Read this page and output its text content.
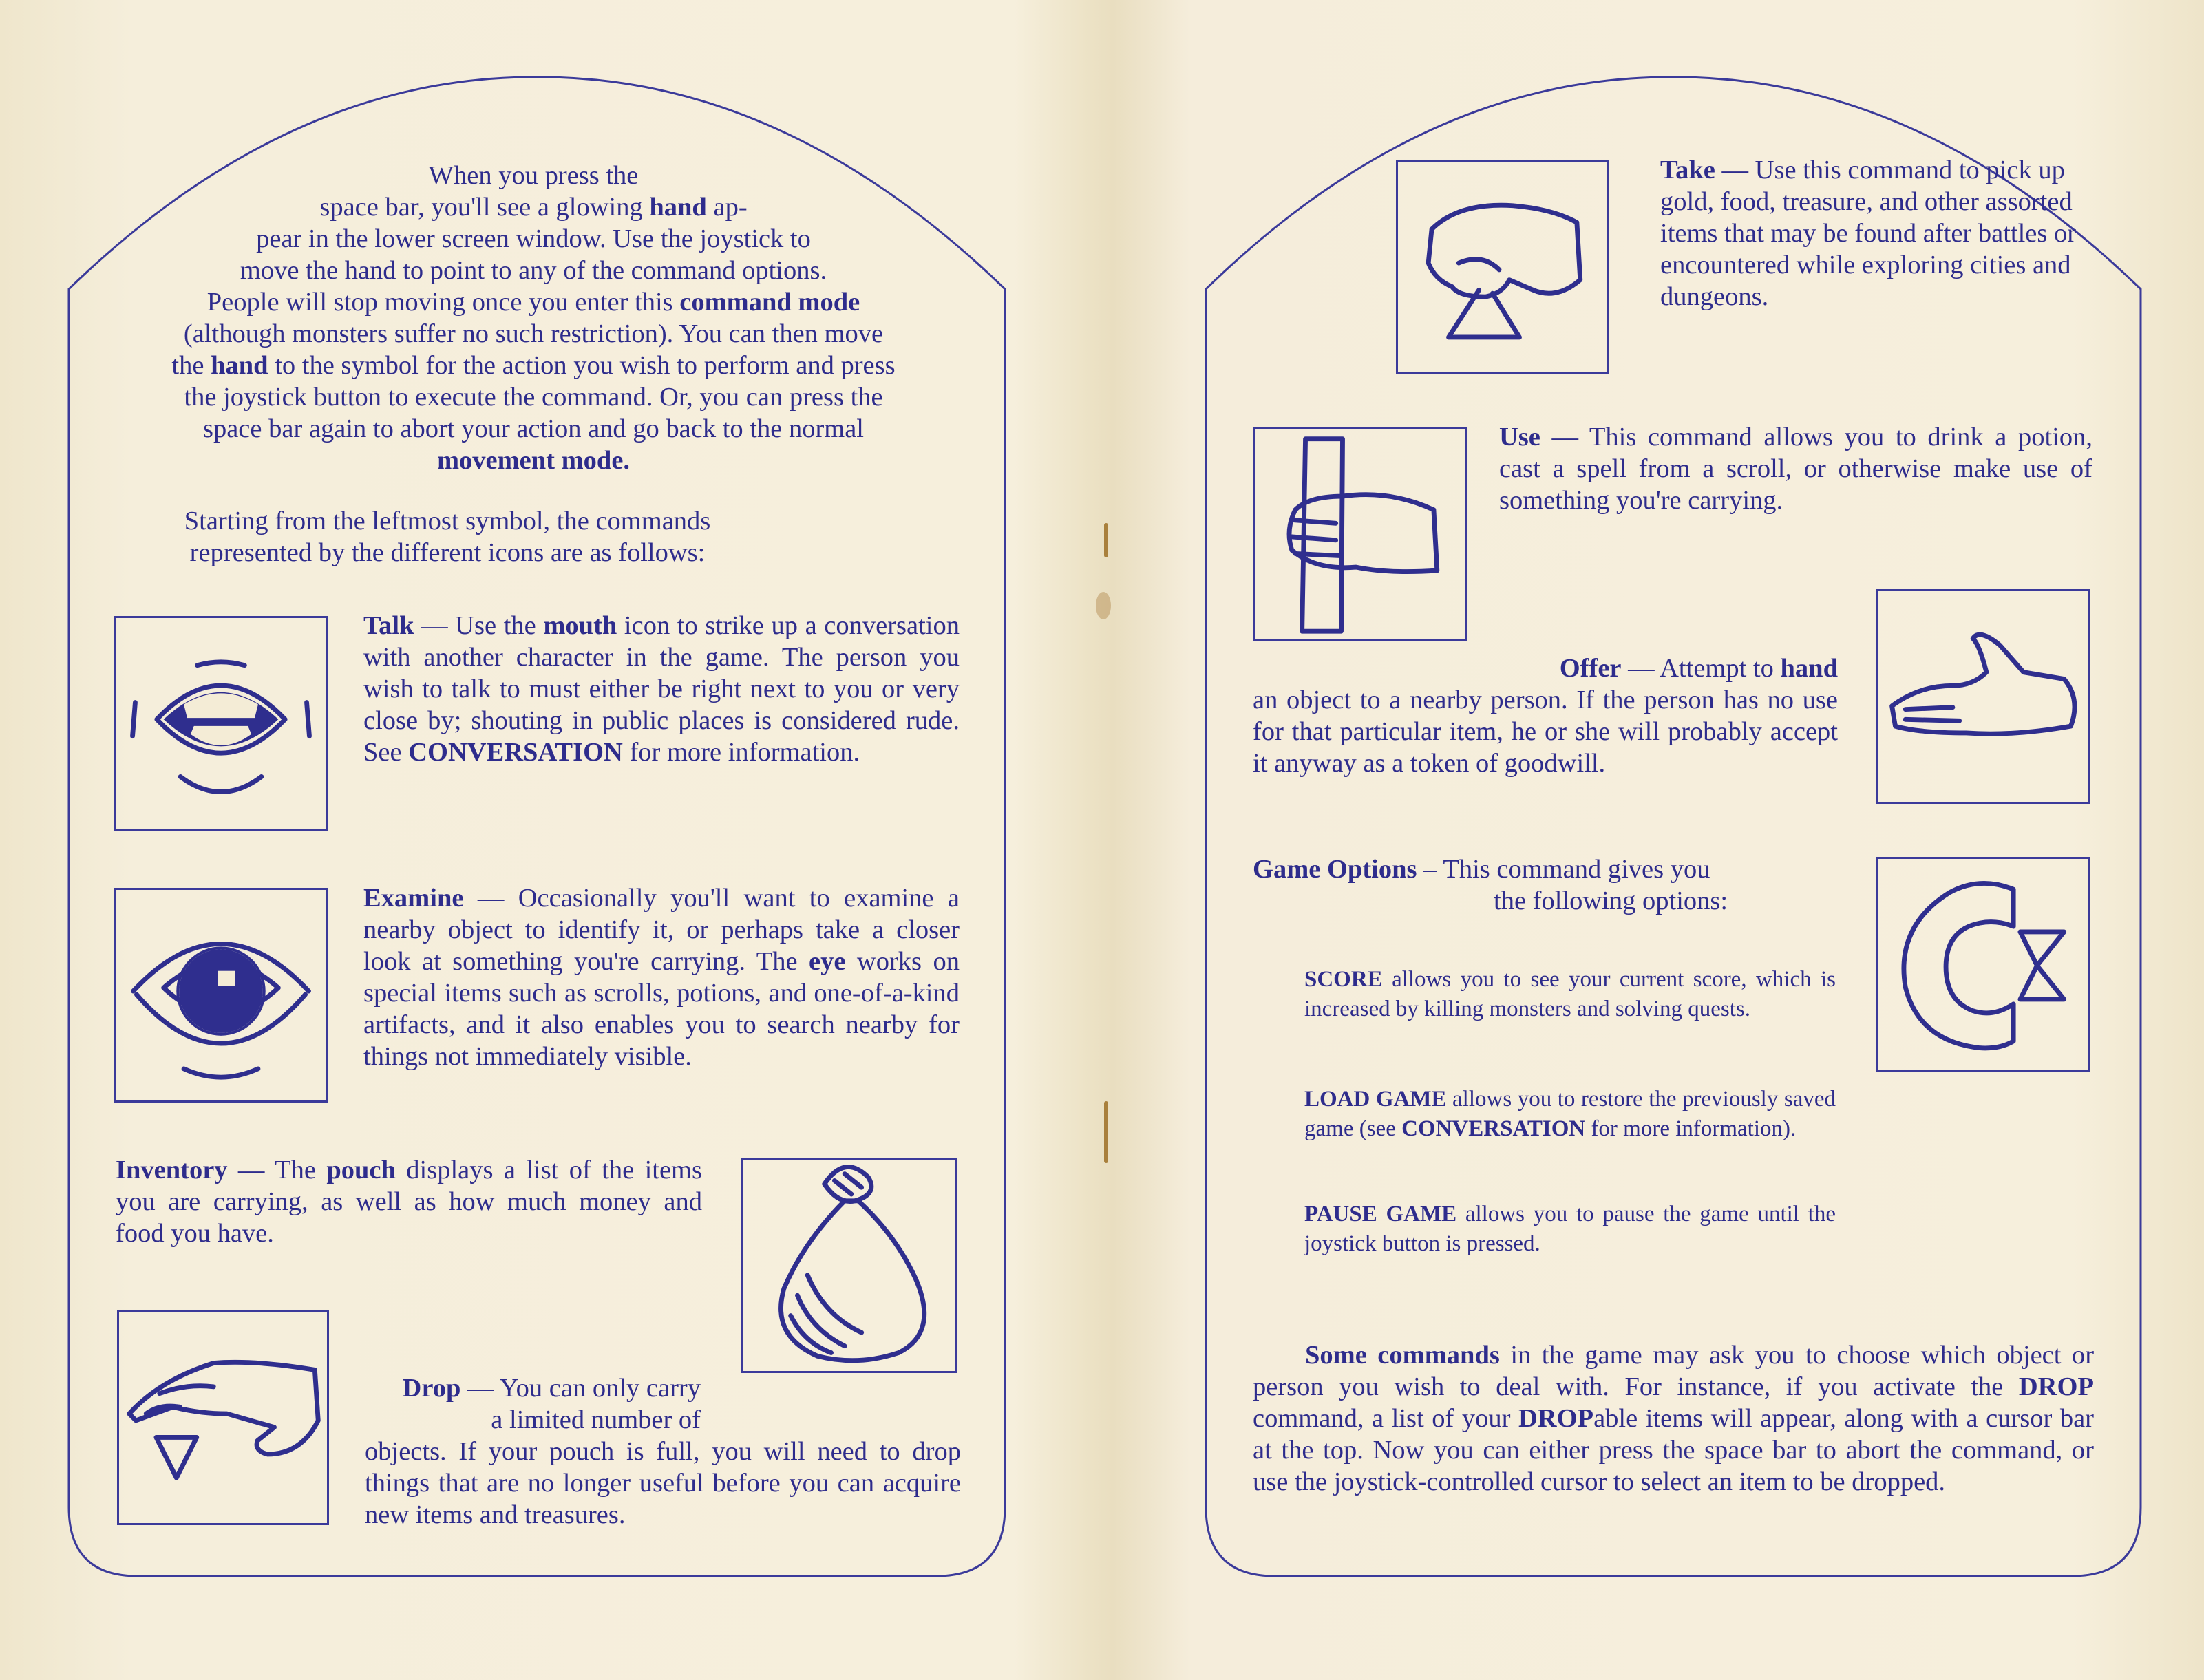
When you press the
space bar, you'll see a glowing hand ap-
pear in the lower screen window. Use the joystick to
move the hand to point to any of the command options.
People will stop moving once you enter this command mode
(although monsters suffer no such restriction). You can then move
the hand to the symbol for the action you wish to perform and press
the joystick button to execute the command. Or, you can press the
space bar again to abort your action and go back to the normal
movement mode.
Starting from the leftmost symbol, the commands
represented by the different icons are as follows:
Talk — Use the mouth icon to strike up a conversation with another character in the game. The person you wish to talk to must either be right next to you or very close by; shouting in public places is considered rude. See CONVERSATION for more information.
Examine — Occasionally you'll want to examine a nearby object to identify it, or perhaps take a closer look at something you're carrying. The eye works on special items such as scrolls, potions, and one-of-a-kind artifacts, and it also enables you to search nearby for things not immediately visible.
Inventory — The pouch displays a list of the items you are carrying, as well as how much money and food you have.
Drop — You can only carry
a limited number of
objects. If your pouch is full, you will need to drop things that are no longer useful before you can acquire new items and treasures.
Take — Use this command to pick up gold, food, treasure, and other assorted items that may be found after battles or encountered while exploring cities and dungeons.
Use — This command allows you to drink a potion, cast a spell from a scroll, or otherwise make use of something you're carrying.
Offer — Attempt to hand
an object to a nearby person. If the person has no use for that particular item, he or she will probably accept it anyway as a token of goodwill.
Game Options – This command gives you
the following options:
SCORE allows you to see your current score, which is increased by killing monsters and solving quests.
LOAD GAME allows you to restore the previously saved game (see CONVERSATION for more information).
PAUSE GAME allows you to pause the game until the joystick button is pressed.
Some commands in the game may ask you to choose which object or person you wish to deal with. For instance, if you activate the DROP command, a list of your DROPable items will appear, along with a cursor bar at the top. Now you can either press the space bar to abort the command, or use the joystick-controlled cursor to select an item to be dropped.
